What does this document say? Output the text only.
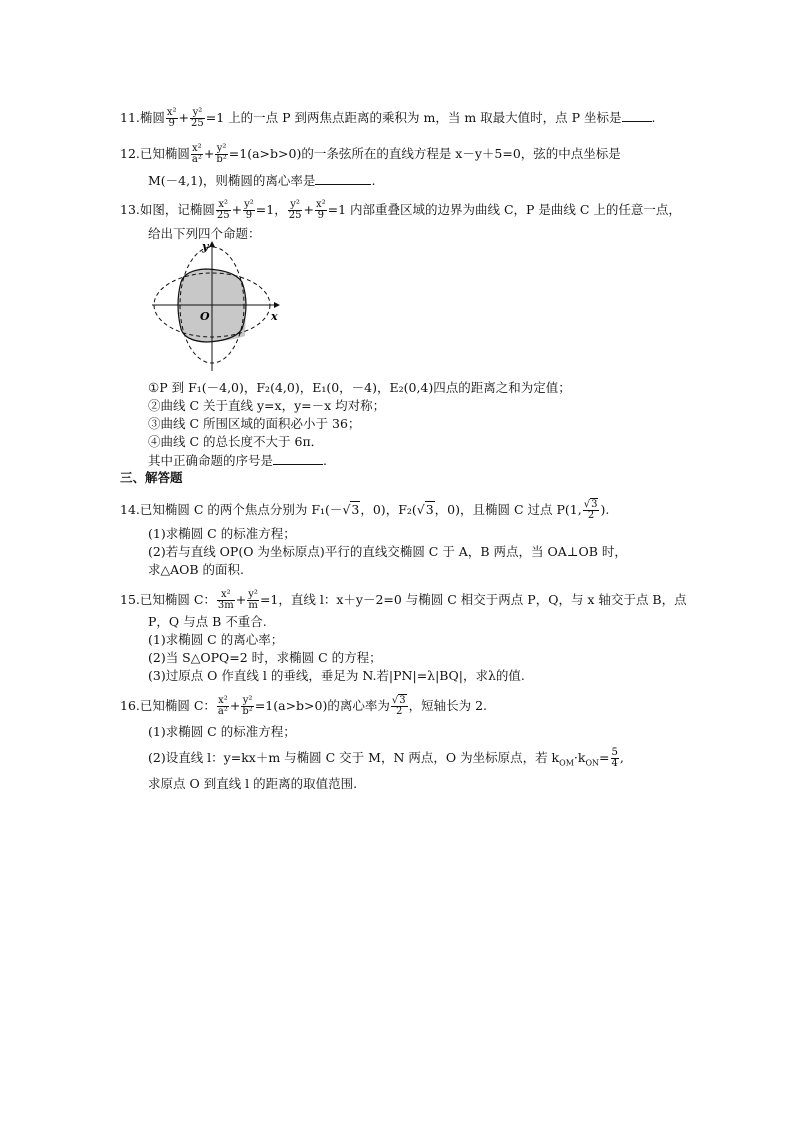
11.椭圆 $\frac{\text{x²}}{9} + \frac{\text{y²}}{25} =1$ 上的一点 P 到两焦点距离的乘积为 m，当 m 取最大值时，点 P 坐标是 .
12.已知椭圆 $\frac{\text{x²}}{\text{a²}} + \frac{\text{y²}}{\text{b²}} =1(a>b>0)$的一条弦所在的直线方程是 x－y＋5=0，弦的中点坐标是
M(－4,1)，则椭圆的离心率是	.
13.如图，记椭圆 $\frac{\text{x²}}{25} + \frac{\text{y²}}{9} =1$， $\frac{\text{y²}}{25} + \frac{\text{x²}}{9} =1$ 内部重叠区域的边界为曲线 C，P 是曲线 C 上的任意一点，
给出下列四个命题：
y
x
O
①P 到 F₁(－4,0)，F₂(4,0)，E₁(0，－4)，E₂(0,4)四点的距离之和为定值；
②曲线 C 关于直线 y=x，y=－x 均对称；
③曲线 C 所围区域的面积必小于 36；
④曲线 C 的总长度不大于 6π．
其中正确命题的序号是	.
三、解答题
14.已知椭圆 C 的两个焦点分别为 F₁(－√3，0)，F₂(√3，0)，且椭圆 C 过点 P(1, $\frac{√3}{2}$ ).
(1)求椭圆 C 的标准方程；
(2)若与直线 OP(O 为坐标原点)平行的直线交椭圆 C 于 A，B 两点，当 OA⊥OB 时，
求△AOB 的面积.
15.已知椭圆 C： $\frac{\text{x²}}{3m} + \frac{\text{y²}}{m} =1$，直线 l：x＋y－2=0 与椭圆 C 相交于两点 P，Q，与 x 轴交于点 B，点
P，Q 与点 B 不重合.
(1)求椭圆 C 的离心率；
(2)当 S△OPQ=2 时，求椭圆 C 的方程；
(3)过原点 O 作直线 l 的垂线，垂足为 N.若|PN|=λ|BQ|，求λ的值.
16.已知椭圆 C： $\frac{\text{x²}}{\text{a²}} + \frac{\text{y²}}{\text{b²}} =1(a>b>0)$的离心率为 $\frac{√3}{2}$ ，短轴长为 2.
(1)求椭圆 C 的标准方程；
(2)设直线 l：y=kx＋m 与椭圆 C 交于 M，N 两点，O 为坐标原点，若 $k_{OM}\cdot k_{ON}= \frac{5}{4}$ ,
求原点 O 到直线 l 的距离的取值范围.
